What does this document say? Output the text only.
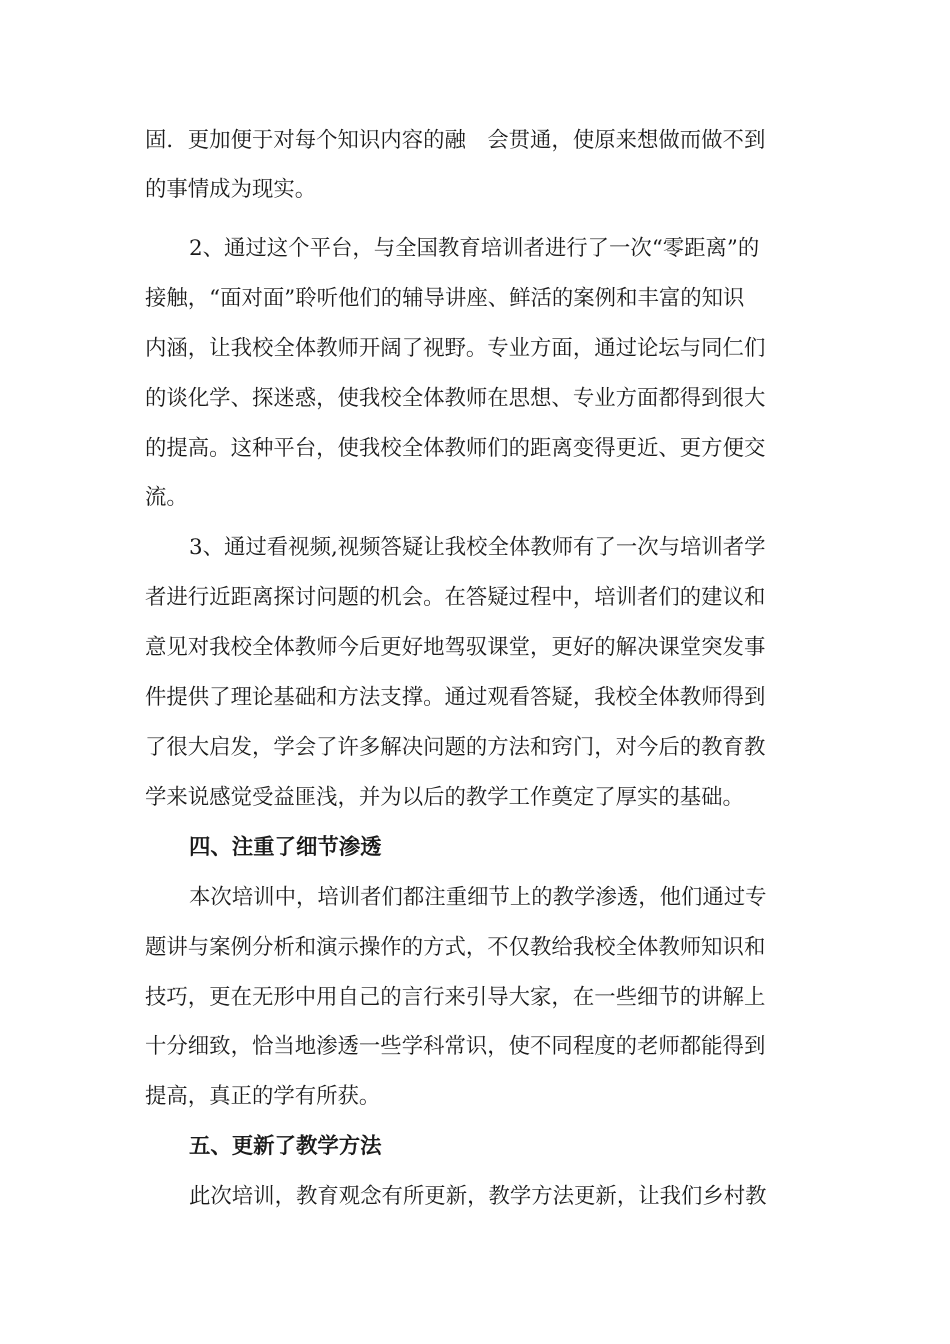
固．更加便于对每个知识内容的融　会贯通，使原来想做而做不到
的事情成为现实。
2、通过这个平台，与全国教育培训者进行了一次“零距离”的
接触，“面对面”聆听他们的辅导讲座、鲜活的案例和丰富的知识
内涵，让我校全体教师开阔了视野。专业方面，通过论坛与同仁们
的谈化学、探迷惑，使我校全体教师在思想、专业方面都得到很大
的提高。这种平台，使我校全体教师们的距离变得更近、更方便交
流。
3、通过看视频,视频答疑让我校全体教师有了一次与培训者学
者进行近距离探讨问题的机会。在答疑过程中，培训者们的建议和
意见对我校全体教师今后更好地驾驭课堂，更好的解决课堂突发事
件提供了理论基础和方法支撑。通过观看答疑，我校全体教师得到
了很大启发，学会了许多解决问题的方法和窍门，对今后的教育教
学来说感觉受益匪浅，并为以后的教学工作奠定了厚实的基础。
四、注重了细节渗透
本次培训中，培训者们都注重细节上的教学渗透，他们通过专
题讲与案例分析和演示操作的方式，不仅教给我校全体教师知识和
技巧，更在无形中用自己的言行来引导大家，在一些细节的讲解上
十分细致，恰当地渗透一些学科常识，使不同程度的老师都能得到
提高，真正的学有所获。
五、更新了教学方法
此次培训，教育观念有所更新，教学方法更新，让我们乡村教
